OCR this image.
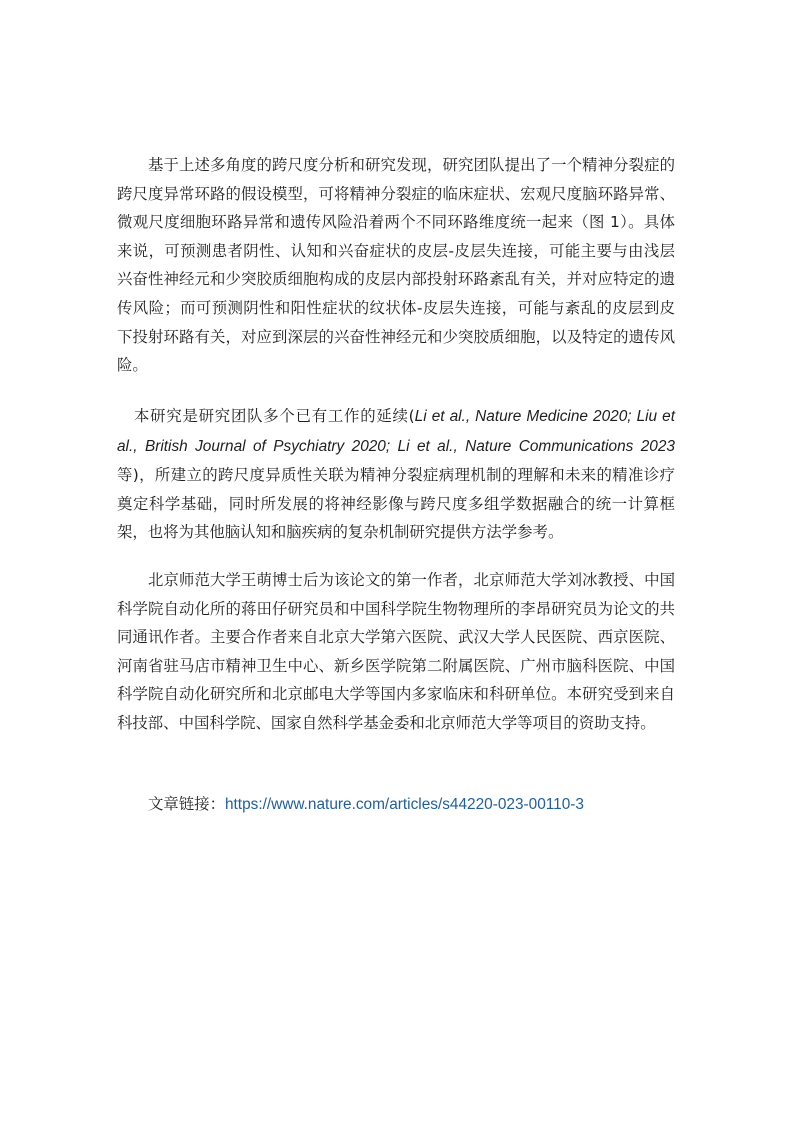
基于上述多角度的跨尺度分析和研究发现，研究团队提出了一个精神分裂症的跨尺度异常环路的假设模型，可将精神分裂症的临床症状、宏观尺度脑环路异常、微观尺度细胞环路异常和遗传风险沿着两个不同环路维度统一起来（图 1）。具体来说，可预测患者阴性、认知和兴奋症状的皮层-皮层失连接，可能主要与由浅层兴奋性神经元和少突胶质细胞构成的皮层内部投射环路紊乱有关，并对应特定的遗传风险；而可预测阴性和阳性症状的纹状体-皮层失连接，可能与紊乱的皮层到皮下投射环路有关，对应到深层的兴奋性神经元和少突胶质细胞，以及特定的遗传风险。

本研究是研究团队多个已有工作的延续(Li et al., Nature Medicine 2020; Liu et al., British Journal of Psychiatry 2020; Li et al., Nature Communications 2023 等)，所建立的跨尺度异质性关联为精神分裂症病理机制的理解和未来的精准诊疗奠定科学基础，同时所发展的将神经影像与跨尺度多组学数据融合的统一计算框架，也将为其他脑认知和脑疾病的复杂机制研究提供方法学参考。

北京师范大学王萌博士后为该论文的第一作者，北京师范大学刘冰教授、中国科学院自动化所的蒋田仔研究员和中国科学院生物物理所的李昂研究员为论文的共同通讯作者。主要合作者来自北京大学第六医院、武汉大学人民医院、西京医院、河南省驻马店市精神卫生中心、新乡医学院第二附属医院、广州市脑科医院、中国科学院自动化研究所和北京邮电大学等国内多家临床和科研单位。本研究受到来自科技部、中国科学院、国家自然科学基金委和北京师范大学等项目的资助支持。

文章链接：https://www.nature.com/articles/s44220-023-00110-3
